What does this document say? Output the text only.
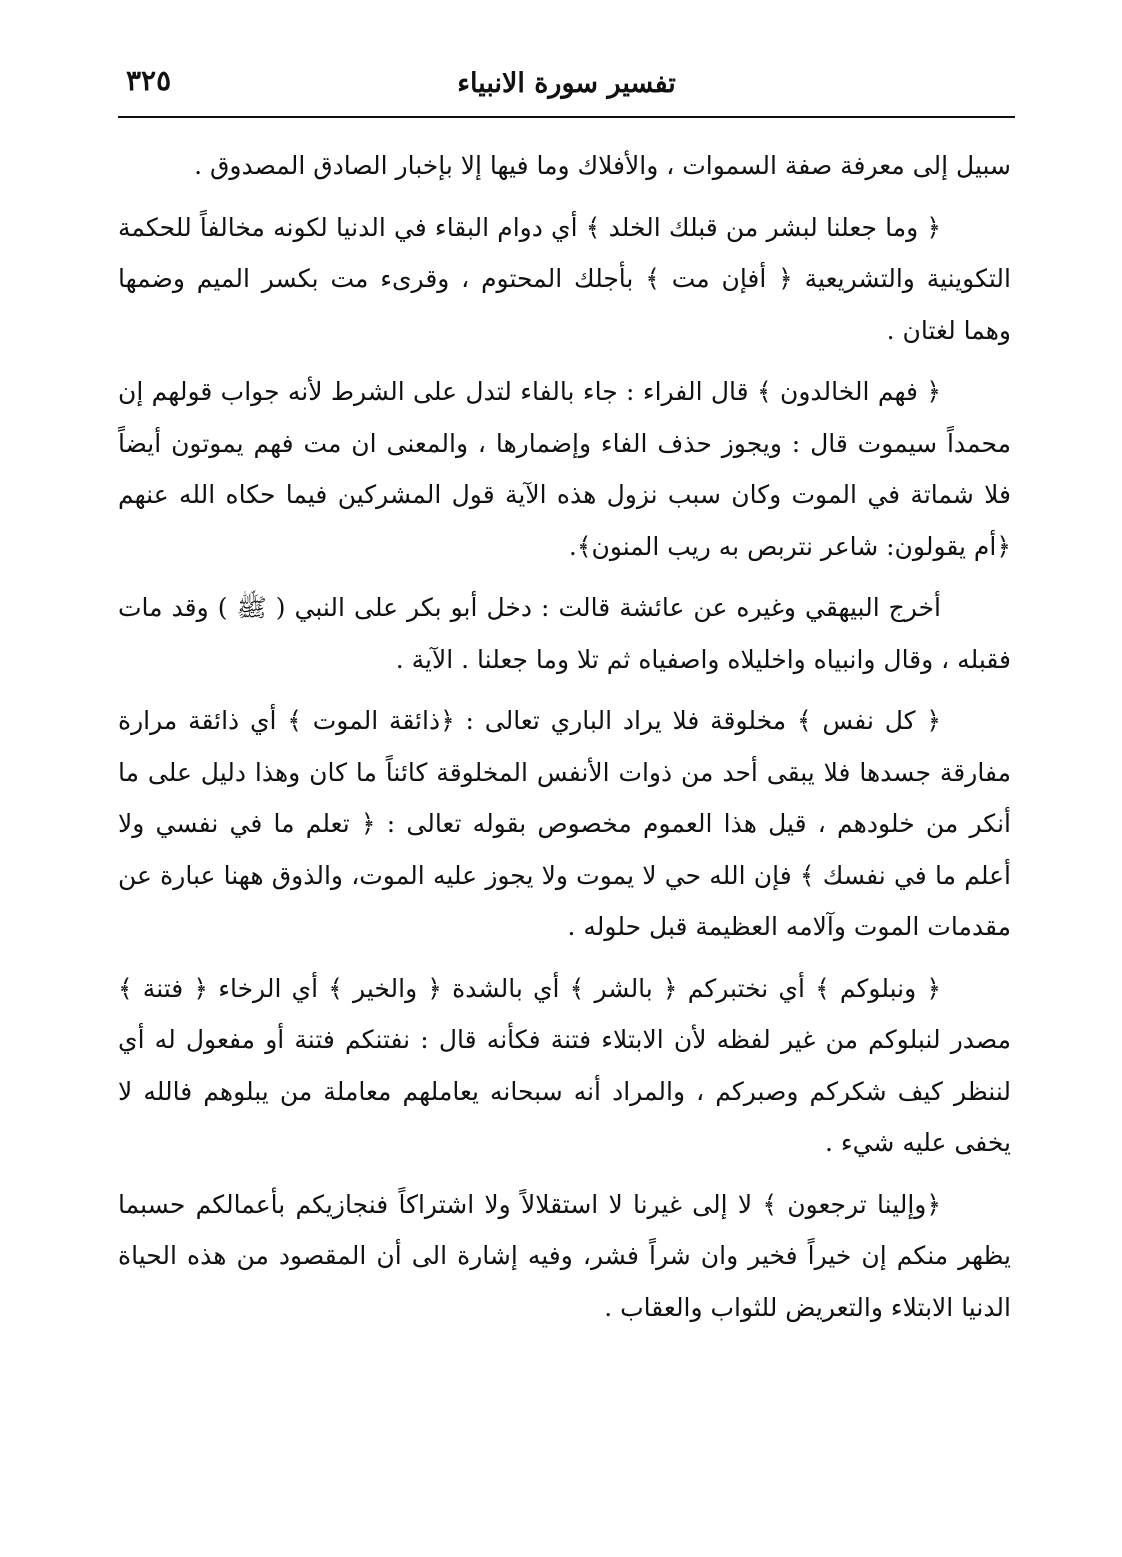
تفسير سورة الانبياء
٣٢٥

سبيل إلى معرفة صفة السموات ، والأفلاك وما فيها إلا بإخبار الصادق المصدوق .

﴿ وما جعلنا لبشر من قبلك الخلد ﴾ أي دوام البقاء في الدنيا لكونه مخالفاً للحكمة التكوينية والتشريعية ﴿ أفإن مت ﴾ بأجلك المحتوم ، وقرىء مت بكسر الميم وضمها وهما لغتان .

﴿ فهم الخالدون ﴾ قال الفراء : جاء بالفاء لتدل على الشرط لأنه جواب قولهم إن محمداً سيموت قال : ويجوز حذف الفاء وإضمارها ، والمعنى ان مت فهم يموتون أيضاً فلا شماتة في الموت وكان سبب نزول هذه الآية قول المشركين فيما حكاه الله عنهم ﴿أم يقولون: شاعر نتربص به ريب المنون﴾.

أخرج البيهقي وغيره عن عائشة قالت : دخل أبو بكر على النبي ( ﷺ ) وقد مات فقبله ، وقال وانبياه واخليلاه واصفياه ثم تلا وما جعلنا . الآية .

﴿ كل نفس ﴾ مخلوقة فلا يراد الباري تعالى : ﴿ذائقة الموت ﴾ أي ذائقة مرارة مفارقة جسدها فلا يبقى أحد من ذوات الأنفس المخلوقة كائناً ما كان وهذا دليل على ما أنكر من خلودهم ، قيل هذا العموم مخصوص بقوله تعالى : ﴿ تعلم ما في نفسي ولا أعلم ما في نفسك ﴾ فإن الله حي لا يموت ولا يجوز عليه الموت، والذوق ههنا عبارة عن مقدمات الموت وآلامه العظيمة قبل حلوله .

﴿ ونبلوكم ﴾ أي نختبركم ﴿ بالشر ﴾ أي بالشدة ﴿ والخير ﴾ أي الرخاء ﴿ فتنة ﴾ مصدر لنبلوكم من غير لفظه لأن الابتلاء فتنة فكأنه قال : نفتنكم فتنة أو مفعول له أي لننظر كيف شكركم وصبركم ، والمراد أنه سبحانه يعاملهم معاملة من يبلوهم فالله لا يخفى عليه شيء .

﴿وإلينا ترجعون ﴾ لا إلى غيرنا لا استقلالاً ولا اشتراكاً فنجازيكم بأعمالكم حسبما يظهر منكم إن خيراً فخير وان شراً فشر، وفيه إشارة الى أن المقصود من هذه الحياة الدنيا الابتلاء والتعريض للثواب والعقاب .
